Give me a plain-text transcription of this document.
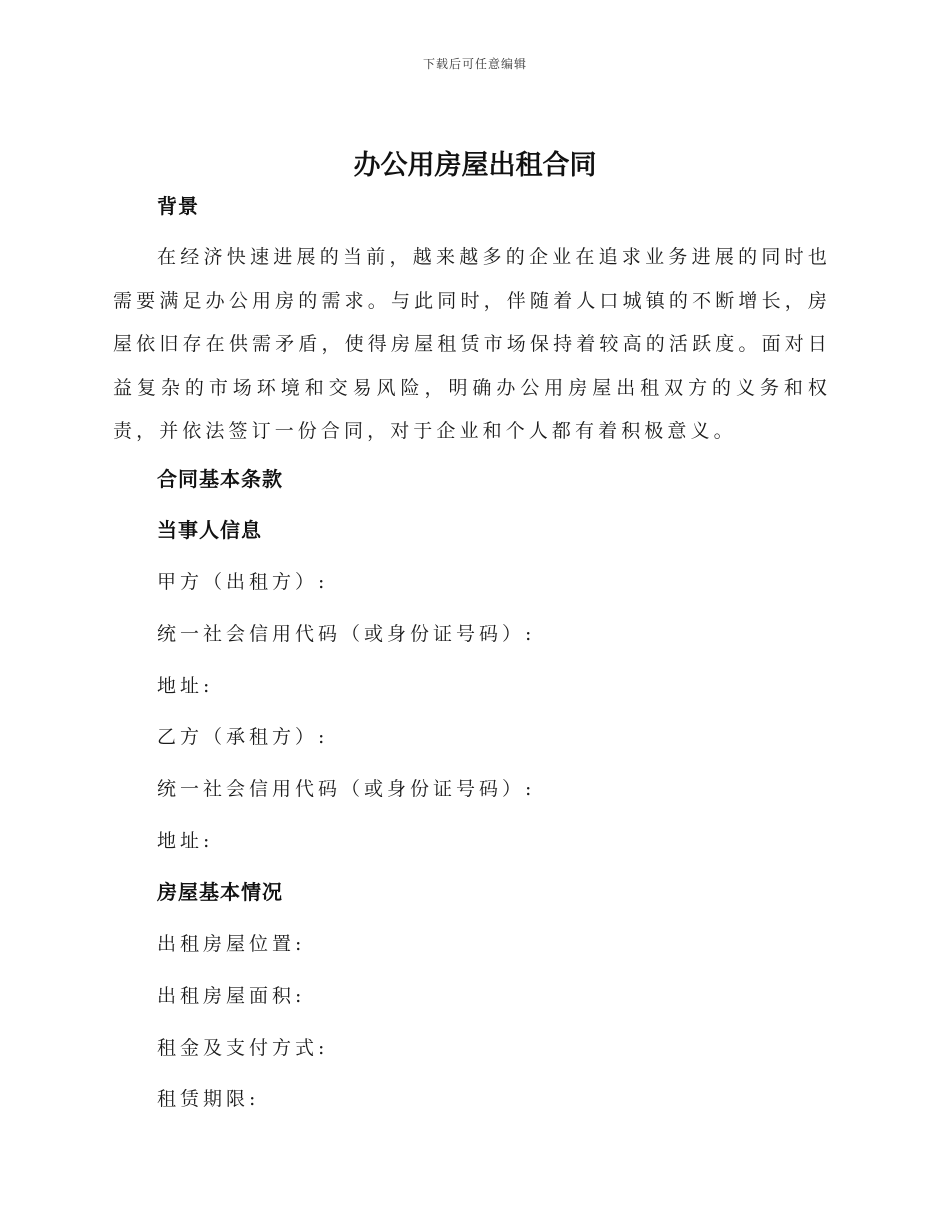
下载后可任意编辑
办公用房屋出租合同
背景

在经济快速进展的当前，越来越多的企业在追求业务进展的同时也需要满足办公用房的需求。与此同时，伴随着人口城镇的不断增长，房屋依旧存在供需矛盾，使得房屋租赁市场保持着较高的活跃度。面对日益复杂的市场环境和交易风险，明确办公用房屋出租双方的义务和权责，并依法签订一份合同，对于企业和个人都有着积极意义。

合同基本条款
当事人信息

甲方（出租方）:

统一社会信用代码（或身份证号码）:

地址:

乙方（承租方）:

统一社会信用代码（或身份证号码）:

地址:

房屋基本情况

出租房屋位置:

出租房屋面积:

租金及支付方式:

租赁期限:
